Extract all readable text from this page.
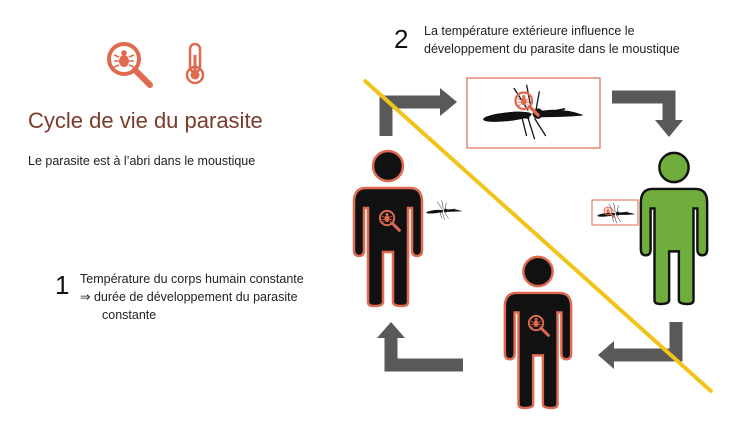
Cycle de vie du parasite
Le parasite est à l’abri dans le moustique
1 Température du corps humain constante
⇒ durée de développement du parasite
constante
2 La température extérieure influence le
développement du parasite dans le moustique
